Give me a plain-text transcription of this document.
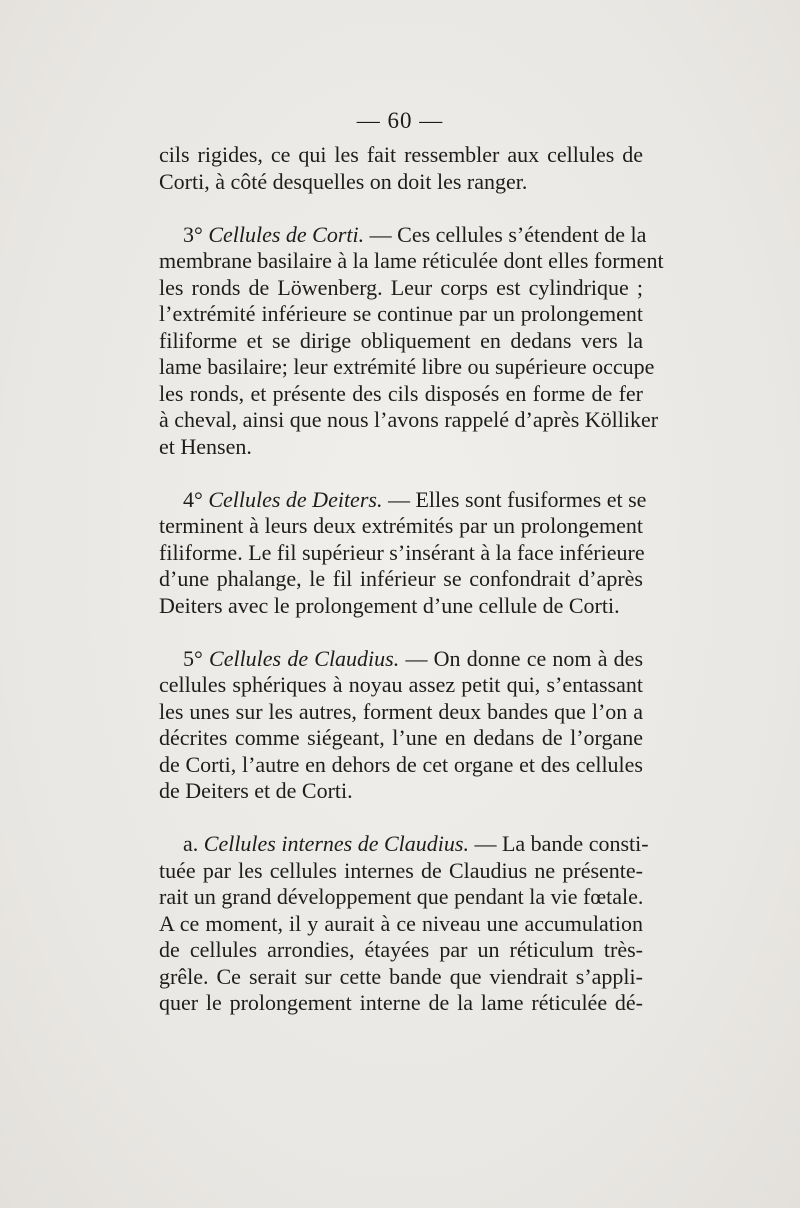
— 60 —
cils rigides, ce qui les fait ressembler aux cellules de
Corti, à côté desquelles on doit les ranger.
3° Cellules de Corti. — Ces cellules s’étendent de la
membrane basilaire à la lame réticulée dont elles forment
les ronds de Löwenberg. Leur corps est cylindrique ;
l’extrémité inférieure se continue par un prolongement
filiforme et se dirige obliquement en dedans vers la
lame basilaire; leur extrémité libre ou supérieure occupe
les ronds, et présente des cils disposés en forme de fer
à cheval, ainsi que nous l’avons rappelé d’après Kölliker
et Hensen.
4° Cellules de Deiters. — Elles sont fusiformes et se
terminent à leurs deux extrémités par un prolongement
filiforme. Le fil supérieur s’insérant à la face inférieure
d’une phalange, le fil inférieur se confondrait d’après
Deiters avec le prolongement d’une cellule de Corti.
5° Cellules de Claudius. — On donne ce nom à des
cellules sphériques à noyau assez petit qui, s’entassant
les unes sur les autres, forment deux bandes que l’on a
décrites comme siégeant, l’une en dedans de l’organe
de Corti, l’autre en dehors de cet organe et des cellules
de Deiters et de Corti.
a. Cellules internes de Claudius. — La bande consti-
tuée par les cellules internes de Claudius ne présente-
rait un grand développement que pendant la vie fœtale.
A ce moment, il y aurait à ce niveau une accumulation
de cellules arrondies, étayées par un réticulum très-
grêle. Ce serait sur cette bande que viendrait s’appli-
quer le prolongement interne de la lame réticulée dé-
